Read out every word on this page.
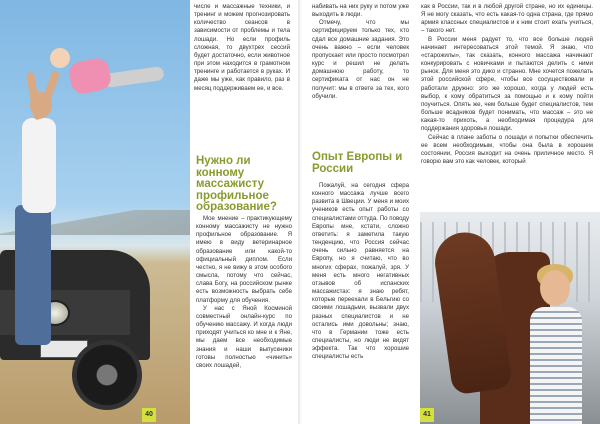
числе и массажные техники, и тренинг и можем прогнозировать количество сеансов в зависимости от проблемы и тела лошади. Но если профиль сложная, то двухтрех сессий будет достаточно, если животное при этом находится в грамотном тренинге и работается в руках. И даже мы уже, как правило, раз в месяц поддерживаем ее, и все.

Нужно ли конному массажисту профильное образование?

Мое мнение – практикующему конному массажисту не нужно профильное образование. Я имею в виду ветеринарное образование или какой-то официальный диплом. Если честно, я не вижу в этом особого смысла, потому что сейчас, слава Богу, на российском рынке есть возможность выбрать себе платформу для обучения.

У нас с Яной Косминой совместный онлайн-курс по обучению массажу. И когда люди приходят учиться ко мне и к Яне, мы даем все необходимые знания и наши выпускники готовы полностью «чинить» своих лошадей,

40

набивать на них руку и потом уже выходить в люди.

Отмечу, что мы сертифицируем только тех, кто сдал все домашние задания. Это очень важно – если человек пропускает или просто посмотрел курс и решил не делать домашнюю работу, то сертификата от нас он не получит: мы в ответе за тех, кого обучили.

Опыт Европы и России

Пожалуй, на сегодня сфера конного массажа лучше всего развита в Швеции. У меня и моих учеников есть опыт работы со специалистами оттуда. По поводу Европы мне, кстати, сложно ответить: я заметила такую тенденцию, что Россия сейчас очень сильно равняется на Европу, но я считаю, что во многих сферах, пожалуй, зря. У меня есть много негативных отзывов об испанских массажистах: я знаю ребят, которые переехали в Бельгию со своими лошадьми, вызвали двух разных специалистов и не остались ими довольны; знаю, что в Германии тоже есть специалисты, но люди не видят эффекта. Так что хорошие специалисты есть

как в России, так и в любой другой стране, но их единицы. Я не могу сказать, что есть какая-то одна страна, где прямо армия классных специалистов и к ним стоит ехать учиться, – такого нет.

В России меня радует то, что все больше людей начинает интересоваться этой темой. Я знаю, что «старожилы», так сказать, конного массажа начинают конкурировать с новичками и пытаются делить с ними рынок. Для меня это дико и странно. Мне хочется пожелать этой российской сфере, чтобы все сосуществовали и работали дружно: это же хорошо, когда у людей есть выбор, к кому обратиться за помощью и к кому пойти поучиться. Опять же, чем больше будет специалистов, тем больше всадников будет понимать, что массаж – это не какая-то прихоть, а необходимая процедура для поддержания здоровья лошади.

Сейчас в плане заботы о лошади и попытки обеспечить ее всем необходимым, чтобы она была в хорошем состоянии, Россия выходит на очень приличное место. Я говорю вам это как человек, который

41
